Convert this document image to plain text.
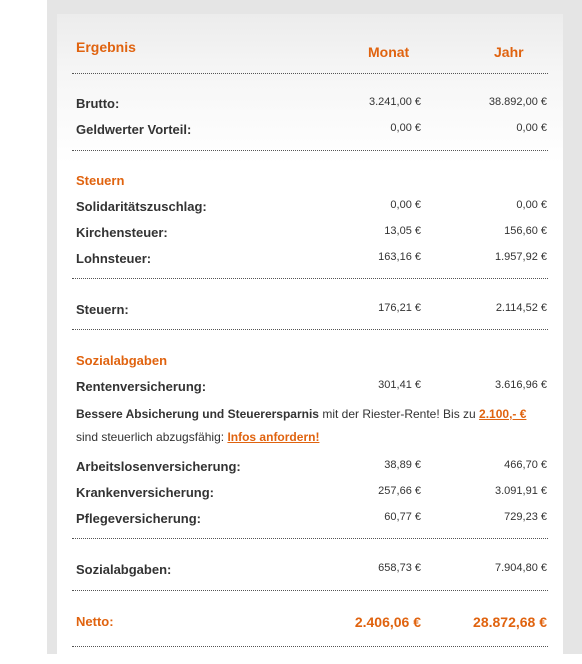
Ergebnis	Monat	Jahr
Brutto:	3.241,00 €	38.892,00 €
Geldwerter Vorteil:	0,00 €	0,00 €
Steuern
Solidaritätszuschlag:	0,00 €	0,00 €
Kirchensteuer:	13,05 €	156,60 €
Lohnsteuer:	163,16 €	1.957,92 €
Steuern:	176,21 €	2.114,52 €
Sozialabgaben
Rentenversicherung:	301,41 €	3.616,96 €
Bessere Absicherung und Steuerersparnis mit der Riester-Rente! Bis zu 2.100,- € sind steuerlich abzugsfähig: Infos anfordern!
Arbeitslosenversicherung:	38,89 €	466,70 €
Krankenversicherung:	257,66 €	3.091,91 €
Pflegeversicherung:	60,77 €	729,23 €
Sozialabgaben:	658,73 €	7.904,80 €
Netto:	2.406,06 €	28.872,68 €
